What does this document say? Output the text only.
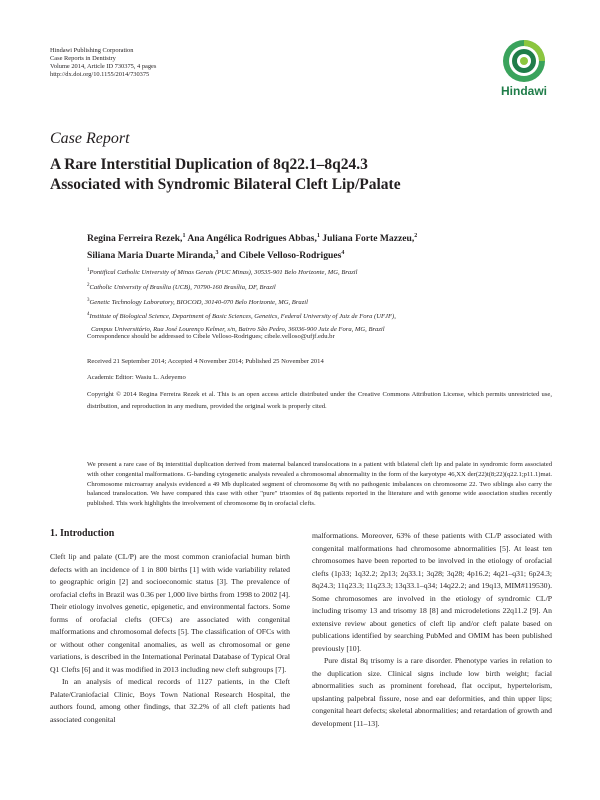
Hindawi Publishing Corporation
Case Reports in Dentistry
Volume 2014, Article ID 730375, 4 pages
http://dx.doi.org/10.1155/2014/730375
Hindawi
Case Report
A Rare Interstitial Duplication of 8q22.1–8q24.3
Associated with Syndromic Bilateral Cleft Lip/Palate
Regina Ferreira Rezek,$^1$ Ana Angélica Rodrigues Abbas,$^1$ Juliana Forte Mazzeu,$^2$
Siliana Maria Duarte Miranda,$^3$ and Cibele Velloso-Rodrigues$^4$
$^1$Pontifical Catholic University of Minas Gerais (PUC Minas), 30535-901 Belo Horizonte, MG, Brazil
$^2$Catholic University of Brasília (UCB), 70790-160 Brasília, DF, Brazil
$^3$Genetic Technology Laboratory, BIOCOD, 30140-070 Belo Horizonte, MG, Brazil
$^4$Institute of Biological Science, Department of Basic Sciences, Genetics, Federal University of Juiz de Fora (UFJF),
Campus Universitário, Rua José Lourenço Kelmer, s/n, Bairro São Pedro, 36036-900 Juiz de Fora, MG, Brazil
Correspondence should be addressed to Cibele Velloso-Rodrigues; cibele.velloso@ufjf.edu.br
Received 21 September 2014; Accepted 4 November 2014; Published 25 November 2014
Academic Editor: Wasiu L. Adeyemo
Copyright © 2014 Regina Ferreira Rezek et al. This is an open access article distributed under the Creative Commons Attribution License, which permits unrestricted use, distribution, and reproduction in any medium, provided the original work is properly cited.
We present a rare case of 8q interstitial duplication derived from maternal balanced translocations in a patient with bilateral cleft lip and palate in syndromic form associated with other congenital malformations. G-banding cytogenetic analysis revealed a chromosomal abnormality in the form of the karyotype 46,XX der(22)t(8;22)(q22.1;p11.1)mat. Chromosome microarray analysis evidenced a 49 Mb duplicated segment of chromosome 8q with no pathogenic imbalances on chromosome 22. Two siblings also carry the balanced translocation. We have compared this case with other "pure" trisomies of 8q patients reported in the literature and with genome wide association studies recently published. This work highlights the involvement of chromosome 8q in orofacial clefts.
1. Introduction

Cleft lip and palate (CL/P) are the most common craniofacial human birth defects with an incidence of 1 in 800 births [1] with wide variability related to geographic origin [2] and socioeconomic status [3]. The prevalence of orofacial clefts in Brazil was 0.36 per 1,000 live births from 1998 to 2002 [4]. Their etiology involves genetic, epigenetic, and environmental factors. Some forms of orofacial clefts (OFCs) are associated with congenital malformations and chromosomal defects [5]. The classification of OFCs with or without other congenital anomalies, as well as chromosomal or gene variations, is described in the International Perinatal Database of Typical Oral Q1 Clefts [6] and it was modified in 2013 including new cleft subgroups [7].

In an analysis of medical records of 1127 patients, in the Cleft Palate/Craniofacial Clinic, Boys Town National Research Hospital, the authors found, among other findings, that 32.2% of all cleft patients had associated congenital

malformations. Moreover, 63% of these patients with CL/P associated with congenital malformations had chromosome abnormalities [5]. At least ten chromosomes have been reported to be involved in the etiology of orofacial clefts (1p33; 1q32.2; 2p13; 2q33.1; 3q28; 3q28; 4p16.2; 4q21–q31; 6p24.3; 8q24.3; 11q23.3; 11q23.3; 13q33.1–q34; 14q22.2; and 19q13, MIM#119530). Some chromosomes are involved in the etiology of syndromic CL/P including trisomy 13 and trisomy 18 [8] and microdeletions 22q11.2 [9]. An extensive review about genetics of cleft lip and/or cleft palate based on publications identified by searching PubMed and OMIM has been published previously [10].

Pure distal 8q trisomy is a rare disorder. Phenotype varies in relation to the duplication size. Clinical signs include low birth weight; facial abnormalities such as prominent forehead, flat occiput, hypertelorism, upslanting palpebral fissure, nose and ear deformities, and thin upper lips; congenital heart defects; skeletal abnormalities; and retardation of growth and development [11–13].
